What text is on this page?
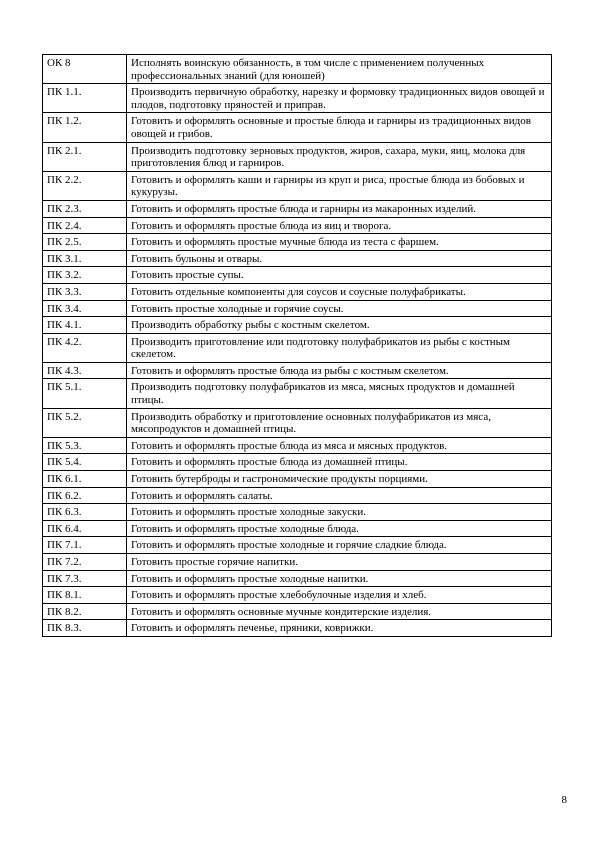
ОК 8	Исполнять воинскую обязанность, в том числе с применением полученных профессиональных знаний (для юношей)
ПК 1.1.	Производить первичную обработку, нарезку и формовку традиционных видов овощей и плодов, подготовку пряностей и приправ.
ПК 1.2.	Готовить и оформлять основные и простые блюда и гарниры из традиционных видов овощей и грибов.
ПК 2.1.	Производить подготовку зерновых продуктов, жиров, сахара, муки, яиц, молока для приготовления блюд и гарниров.
ПК 2.2.	Готовить и оформлять каши и гарниры из круп и риса, простые блюда из бобовых и кукурузы.
ПК 2.3.	Готовить и оформлять простые блюда и гарниры из макаронных изделий.
ПК 2.4.	Готовить и оформлять простые блюда из яиц и творога.
ПК 2.5.	Готовить и оформлять простые мучные блюда из теста с фаршем.
ПК 3.1.	Готовить бульоны и отвары.
ПК 3.2.	Готовить простые супы.
ПК 3.3.	Готовить отдельные компоненты для соусов и соусные полуфабрикаты.
ПК 3.4.	Готовить простые холодные и горячие соусы.
ПК 4.1.	Производить обработку рыбы с костным скелетом.
ПК 4.2.	Производить приготовление или подготовку полуфабрикатов из рыбы с костным скелетом.
ПК 4.3.	Готовить и оформлять простые блюда из рыбы с костным скелетом.
ПК 5.1.	Производить подготовку полуфабрикатов из мяса, мясных продуктов и домашней птицы.
ПК 5.2.	Производить обработку и приготовление основных полуфабрикатов из мяса, мясопродуктов и домашней птицы.
ПК 5.3.	Готовить и оформлять простые блюда из мяса и мясных продуктов.
ПК 5.4.	Готовить и оформлять простые блюда из домашней птицы.
ПК 6.1.	Готовить бутерброды и гастрономические продукты порциями.
ПК 6.2.	Готовить и оформлять салаты.
ПК 6.3.	Готовить и оформлять простые холодные закуски.
ПК 6.4.	Готовить и оформлять простые холодные блюда.
ПК 7.1.	Готовить и оформлять простые холодные и горячие сладкие блюда.
ПК 7.2.	Готовить простые горячие напитки.
ПК 7.3.	Готовить и оформлять простые холодные напитки.
ПК 8.1.	Готовить и оформлять простые хлебобулочные изделия и хлеб.
ПК 8.2.	Готовить и оформлять основные мучные кондитерские изделия.
ПК 8.3.	Готовить и оформлять печенье, пряники, коврижки.
8
